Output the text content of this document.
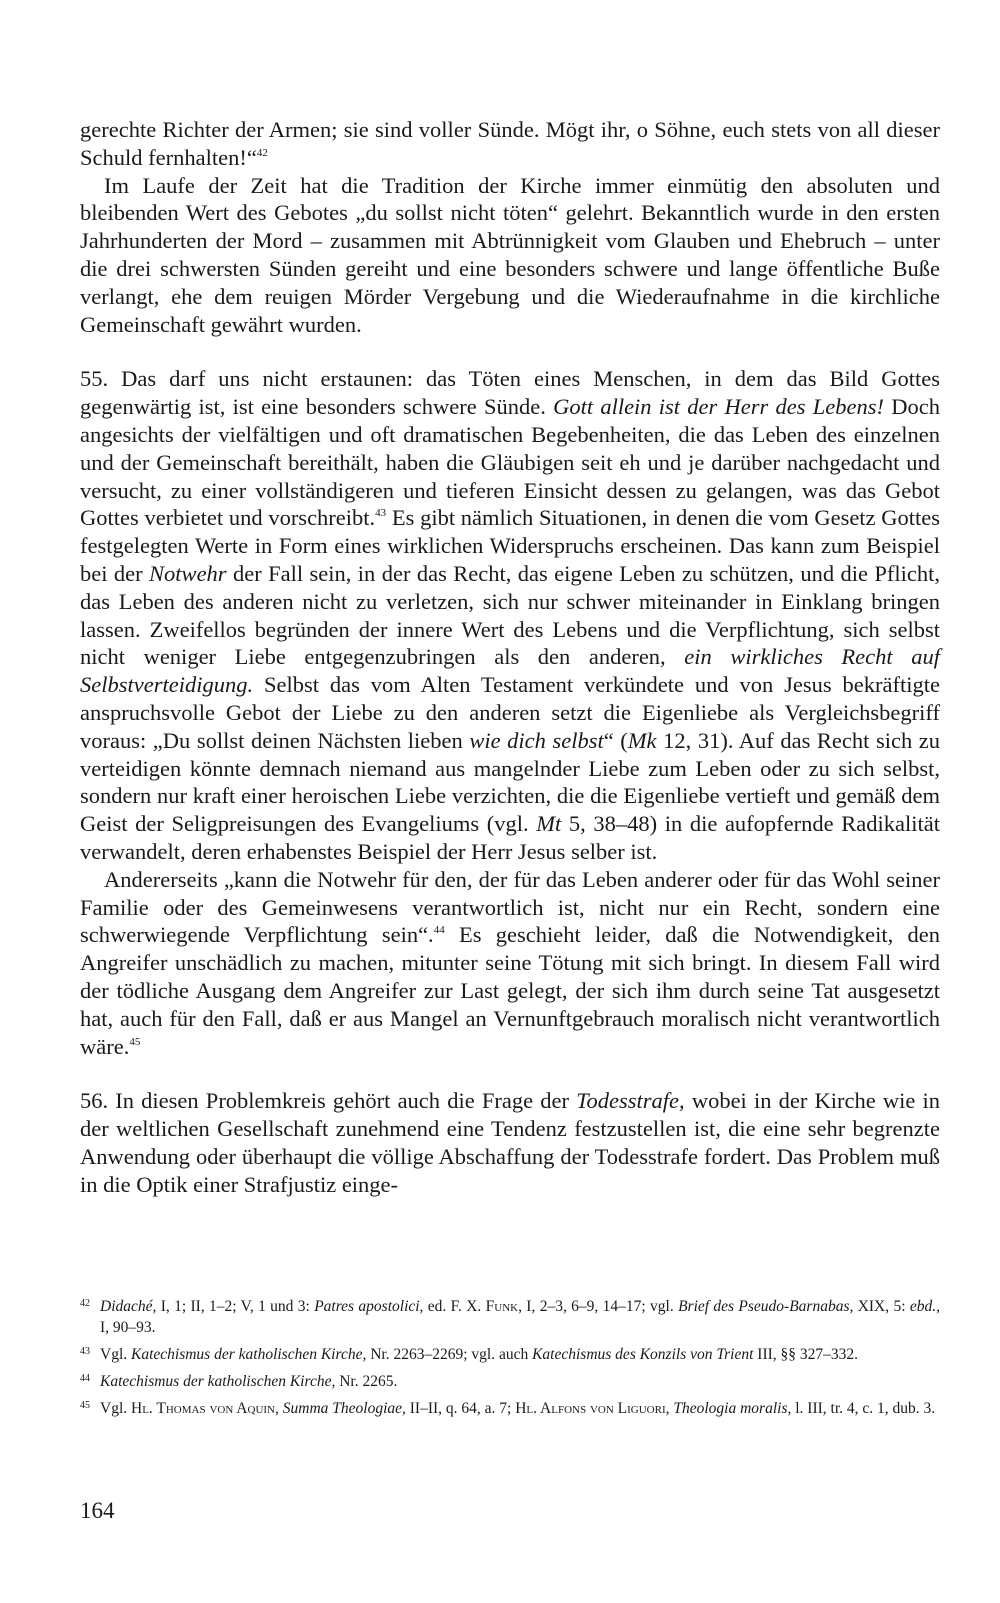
gerechte Richter der Armen; sie sind voller Sünde. Mögt ihr, o Söhne, euch stets von all dieser Schuld fernhalten!“$^{42}$

Im Laufe der Zeit hat die Tradition der Kirche immer einmütig den absoluten und bleibenden Wert des Gebotes „du sollst nicht töten“ gelehrt. Bekanntlich wurde in den ersten Jahrhunderten der Mord – zusammen mit Abtrünnigkeit vom Glauben und Ehebruch – unter die drei schwersten Sünden gereiht und eine besonders schwere und lange öffentliche Buße verlangt, ehe dem reuigen Mörder Vergebung und die Wiederaufnahme in die kirchliche Gemeinschaft gewährt wurden.

55. Das darf uns nicht erstaunen: das Töten eines Menschen, in dem das Bild Gottes gegenwärtig ist, ist eine besonders schwere Sünde. Gott allein ist der Herr des Lebens! Doch angesichts der vielfältigen und oft dramatischen Begebenheiten, die das Leben des einzelnen und der Gemeinschaft bereithält, haben die Gläubigen seit eh und je darüber nachgedacht und versucht, zu einer vollständigeren und tieferen Einsicht dessen zu gelangen, was das Gebot Gottes verbietet und vorschreibt.$^{43}$ Es gibt nämlich Situationen, in denen die vom Gesetz Gottes festgelegten Werte in Form eines wirklichen Widerspruchs erscheinen. Das kann zum Beispiel bei der Notwehr der Fall sein, in der das Recht, das eigene Leben zu schützen, und die Pflicht, das Leben des anderen nicht zu verletzen, sich nur schwer miteinander in Einklang bringen lassen. Zweifellos begründen der innere Wert des Lebens und die Verpflichtung, sich selbst nicht weniger Liebe entgegenzubringen als den anderen, ein wirkliches Recht auf Selbstverteidigung. Selbst das vom Alten Testament verkündete und von Jesus bekräftigte anspruchsvolle Gebot der Liebe zu den anderen setzt die Eigenliebe als Vergleichsbegriff voraus: „Du sollst deinen Nächsten lieben wie dich selbst“ (Mk 12, 31). Auf das Recht sich zu verteidigen könnte demnach niemand aus mangelnder Liebe zum Leben oder zu sich selbst, sondern nur kraft einer heroischen Liebe verzichten, die die Eigenliebe vertieft und gemäß dem Geist der Seligpreisungen des Evangeliums (vgl. Mt 5, 38–48) in die aufopfernde Radikalität verwandelt, deren erhabenstes Beispiel der Herr Jesus selber ist.

Andererseits „kann die Notwehr für den, der für das Leben anderer oder für das Wohl seiner Familie oder des Gemeinwesens verantwortlich ist, nicht nur ein Recht, sondern eine schwerwiegende Verpflichtung sein“.$^{44}$ Es geschieht leider, daß die Notwendigkeit, den Angreifer unschädlich zu machen, mitunter seine Tötung mit sich bringt. In diesem Fall wird der tödliche Ausgang dem Angreifer zur Last gelegt, der sich ihm durch seine Tat ausgesetzt hat, auch für den Fall, daß er aus Mangel an Vernunftgebrauch moralisch nicht verantwortlich wäre.$^{45}$

56. In diesen Problemkreis gehört auch die Frage der Todesstrafe, wobei in der Kirche wie in der weltlichen Gesellschaft zunehmend eine Tendenz festzustellen ist, die eine sehr begrenzte Anwendung oder überhaupt die völlige Abschaffung der Todesstrafe fordert. Das Problem muß in die Optik einer Strafjustiz einge-

42 Didaché, I, 1; II, 1–2; V, 1 und 3: Patres apostolici, ed. F. X. Funk, I, 2–3, 6–9, 14–17; vgl. Brief des Pseudo-Barnabas, XIX, 5: ebd., I, 90–93.

43 Vgl. Katechismus der katholischen Kirche, Nr. 2263–2269; vgl. auch Katechismus des Konzils von Trient III, §§ 327–332.

44 Katechismus der katholischen Kirche, Nr. 2265.

45 Vgl. Hl. Thomas von Aquin, Summa Theologiae, II–II, q. 64, a. 7; Hl. Alfons von Liguori, Theologia moralis, l. III, tr. 4, c. 1, dub. 3.

164
